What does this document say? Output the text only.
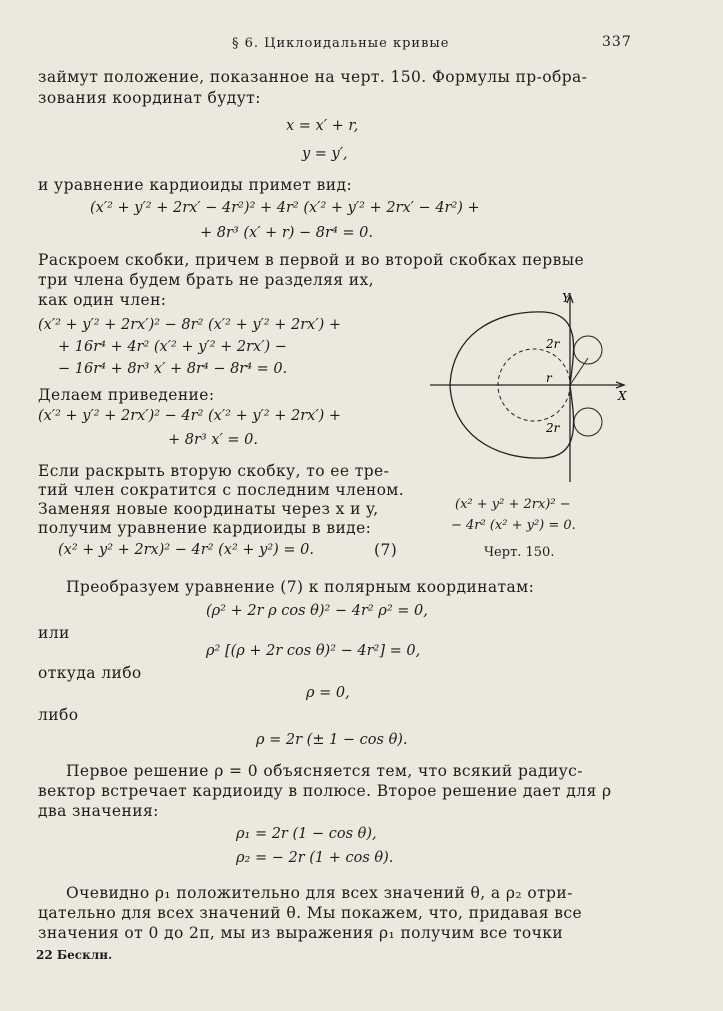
§ 6. Циклоидальные кривые	337
займут положение, показанное на черт. 150. Формулы пр-обра-
зования координат будут:
x = x′ + r,
y = y′,
и уравнение кардиоиды примет вид:
(x′² + y′² + 2rx′ − 4r²)² + 4r² (x′² + y′² + 2rx′ − 4r²) +
+ 8r³ (x′ + r) − 8r⁴ = 0.
Раскроем скобки, причем в первой и во второй скобках первые
три члена будем брать не разделяя их,
как один член:
(x′² + y′² + 2rx′)² − 8r² (x′² + y′² + 2rx′) +
+ 16r⁴ + 4r² (x′² + y′² + 2rx′) −
− 16r⁴ + 8r³ x′ + 8r⁴ − 8r⁴ = 0.
Делаем приведение:
(x′² + y′² + 2rx′)² − 4r² (x′² + y′² + 2rx′) +
+ 8r³ x′ = 0.
Если раскрыть вторую скобку, то ее тре-
тий член сократится с последним членом.
Заменяя новые координаты через x и y,
получим уравнение кардиоиды в виде:
(x² + y² + 2rx)² − 4r² (x² + y²) = 0.	(7)
Y
X
2r
r
2r
(x² + y² + 2rx)² −
− 4r² (x² + y²) = 0.
Черт. 150.
Преобразуем уравнение (7) к полярным координатам:
(ρ² + 2r ρ cos θ)² − 4r² ρ² = 0,
или
ρ² [(ρ + 2r cos θ)² − 4r²] = 0,
откуда либо
ρ = 0,
либо
ρ = 2r (± 1 − cos θ).
Первое решение ρ = 0 объясняется тем, что всякий радиус-
вектор встречает кардиоиду в полюсе. Второе решение дает для ρ
два значения:
ρ₁ = 2r (1 − cos θ),
ρ₂ = − 2r (1 + cos θ).
Очевидно ρ₁ положительно для всех значений θ, а ρ₂ отри-
цательно для всех значений θ. Мы покажем, что, придавая все
значения от 0 до 2π, мы из выражения ρ₁ получим все точки
22 Бесклн.
